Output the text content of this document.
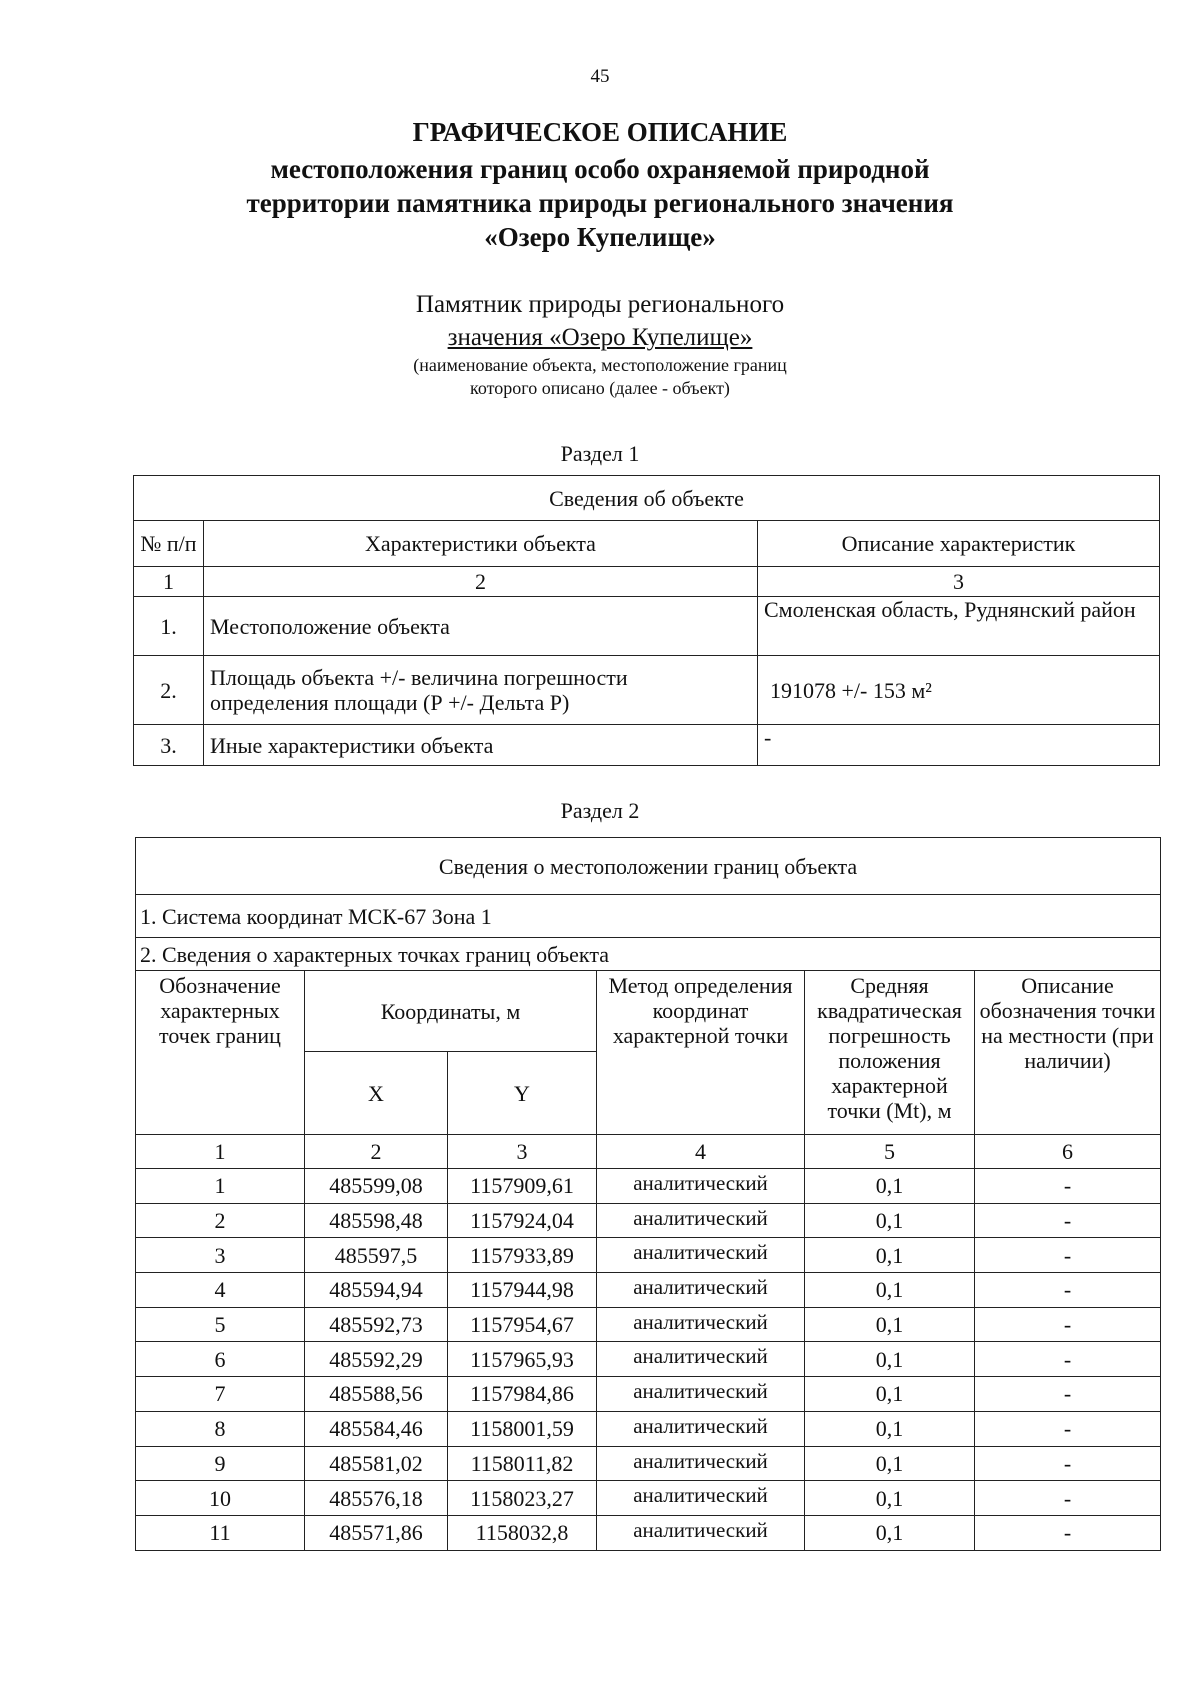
45
ГРАФИЧЕСКОЕ ОПИСАНИЕ
местоположения границ особо охраняемой природной
территории памятника природы регионального значения
«Озеро Купелище»
Памятник природы регионального
значения «Озеро Купелище»
(наименование объекта, местоположение границ
которого описано (далее - объект)
Раздел 1
Сведения об объекте		
№ п/п	Характеристики объекта	Описание характеристик
1	2	3
1.	Местоположение объекта	Смоленская область, Руднянский район
2.	Площадь объекта +/- величина погрешности определения площади (Р +/- Дельта Р)	191078 +/- 153 м²
3.	Иные характеристики объекта	-
Раздел 2
Сведения о местоположении границ объекта					
1. Система координат МСК-67 Зона 1					
2. Сведения о характерных точках границ объекта					
Обозначение характерных точек границ	Координаты, м		Метод определения координат характерной точки	Средняя квадратическая погрешность положения характерной точки (Mt), м	Описание обозначения точки на местности (при наличии)
	X	Y			
1	2	3	4	5	6
1	485599,08	1157909,61	аналитический	0,1	-
2	485598,48	1157924,04	аналитический	0,1	-
3	485597,5	1157933,89	аналитический	0,1	-
4	485594,94	1157944,98	аналитический	0,1	-
5	485592,73	1157954,67	аналитический	0,1	-
6	485592,29	1157965,93	аналитический	0,1	-
7	485588,56	1157984,86	аналитический	0,1	-
8	485584,46	1158001,59	аналитический	0,1	-
9	485581,02	1158011,82	аналитический	0,1	-
10	485576,18	1158023,27	аналитический	0,1	-
11	485571,86	1158032,8	аналитический	0,1	-
